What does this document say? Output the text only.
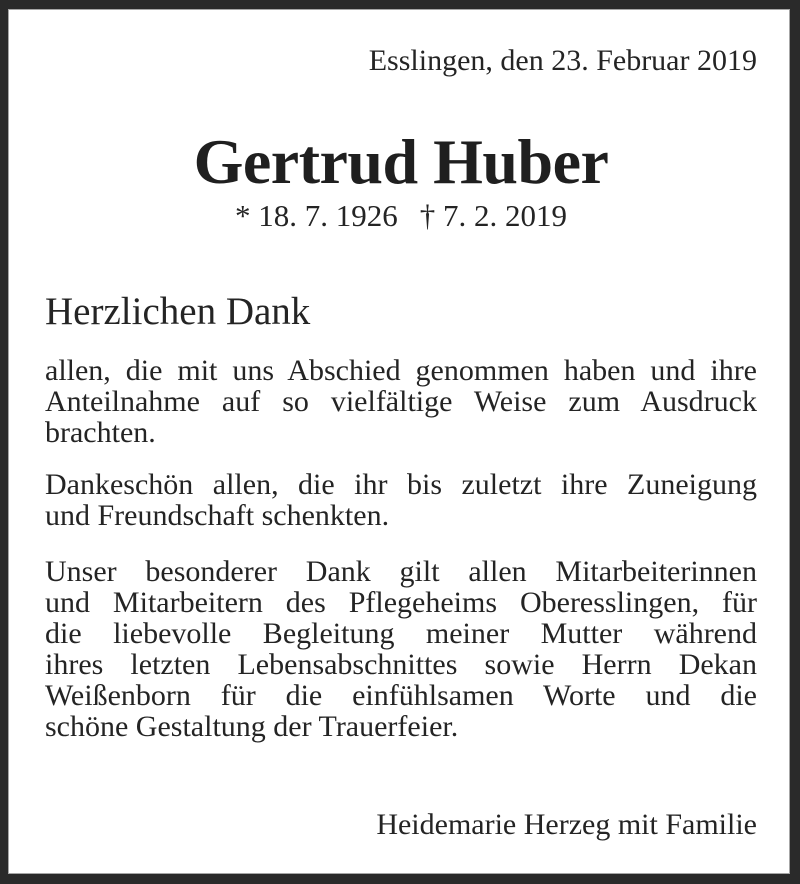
Esslingen, den 23. Februar 2019
Gertrud Huber
* 18. 7. 1926 † 7. 2. 2019
Herzlichen Dank
allen, die mit uns Abschied genommen haben und ihre
Anteilnahme auf so vielfältige Weise zum Ausdruck
brachten.
Dankeschön allen, die ihr bis zuletzt ihre Zuneigung
und Freundschaft schenkten.
Unser besonderer Dank gilt allen Mitarbeiterinnen
und Mitarbeitern des Pflegeheims Oberesslingen, für
die liebevolle Begleitung meiner Mutter während
ihres letzten Lebensabschnittes sowie Herrn Dekan
Weißenborn für die einfühlsamen Worte und die
schöne Gestaltung der Trauerfeier.
Heidemarie Herzeg mit Familie
